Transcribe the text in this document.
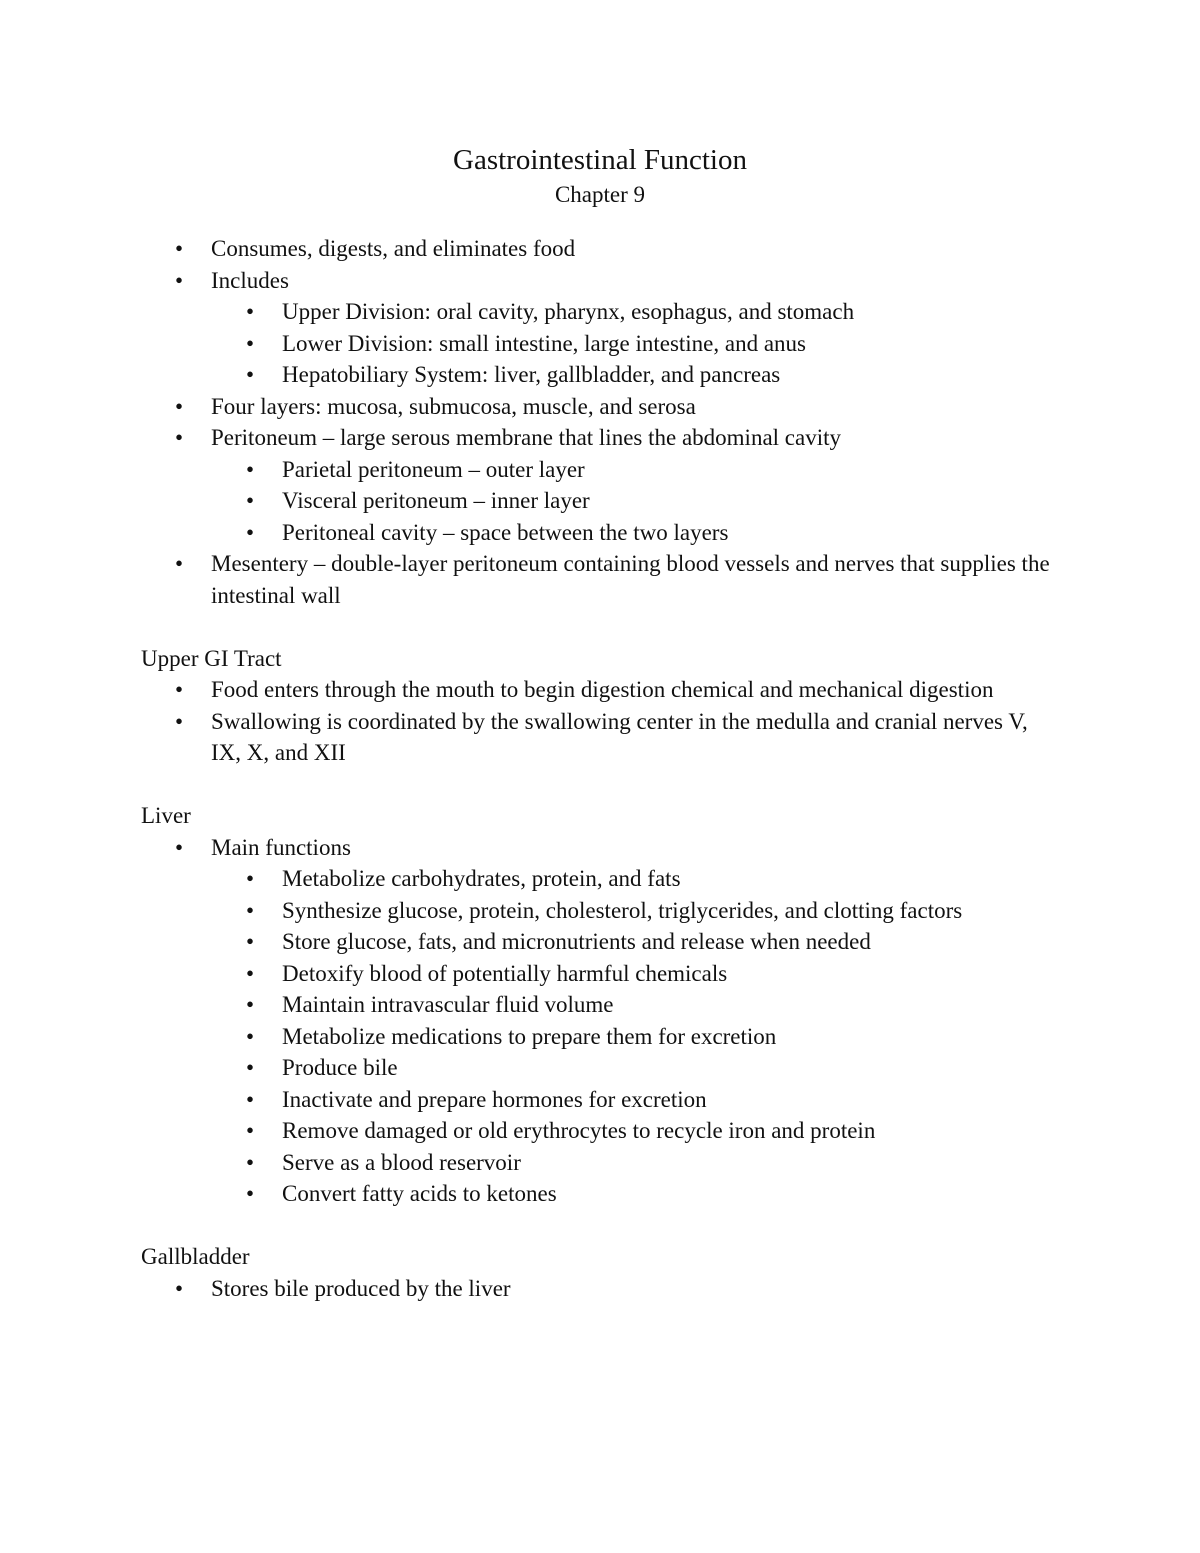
Gastrointestinal Function
Chapter 9
• Consumes, digests, and eliminates food
• Includes
• Upper Division: oral cavity, pharynx, esophagus, and stomach
• Lower Division: small intestine, large intestine, and anus
• Hepatobiliary System: liver, gallbladder, and pancreas
• Four layers: mucosa, submucosa, muscle, and serosa
• Peritoneum – large serous membrane that lines the abdominal cavity
• Parietal peritoneum – outer layer
• Visceral peritoneum – inner layer
• Peritoneal cavity – space between the two layers
• Mesentery – double-layer peritoneum containing blood vessels and nerves that supplies the intestinal wall
Upper GI Tract
• Food enters through the mouth to begin digestion chemical and mechanical digestion
• Swallowing is coordinated by the swallowing center in the medulla and cranial nerves V, IX, X, and XII
Liver
• Main functions
• Metabolize carbohydrates, protein, and fats
• Synthesize glucose, protein, cholesterol, triglycerides, and clotting factors
• Store glucose, fats, and micronutrients and release when needed
• Detoxify blood of potentially harmful chemicals
• Maintain intravascular fluid volume
• Metabolize medications to prepare them for excretion
• Produce bile
• Inactivate and prepare hormones for excretion
• Remove damaged or old erythrocytes to recycle iron and protein
• Serve as a blood reservoir
• Convert fatty acids to ketones
Gallbladder
• Stores bile produced by the liver
